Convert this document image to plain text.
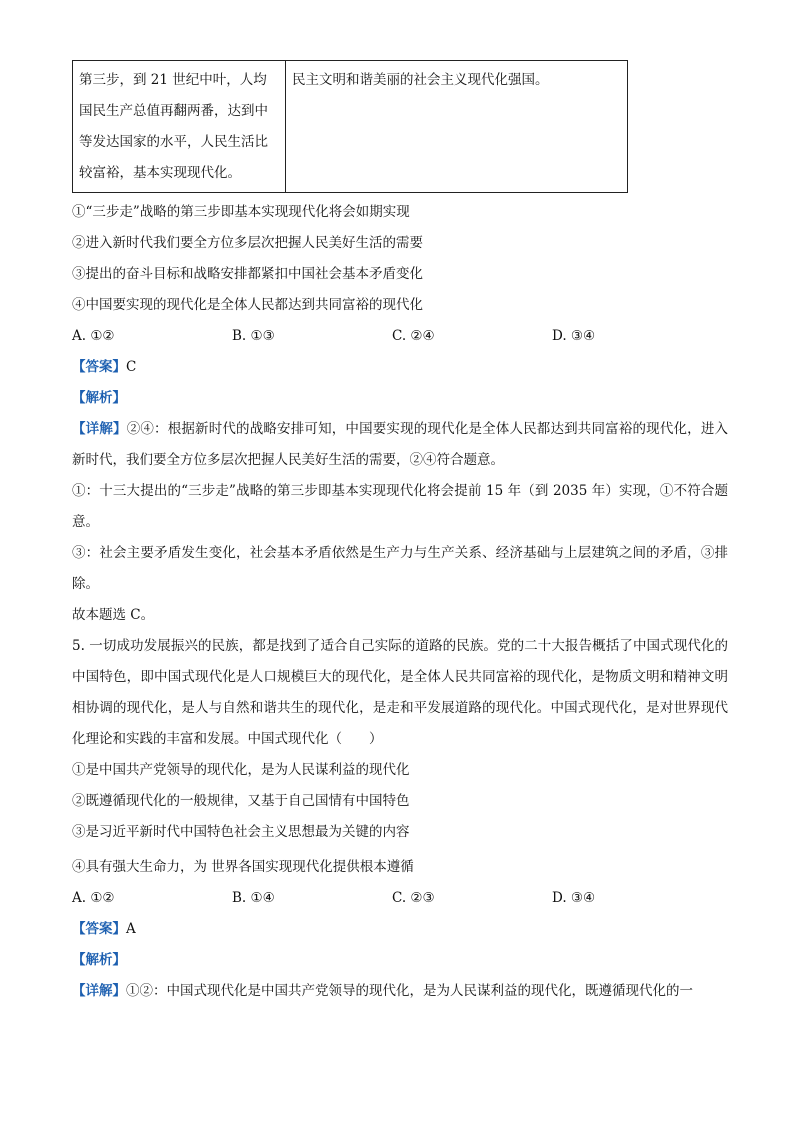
第三步，到 21 世纪中叶，人均国民生产总值再翻两番，达到中等发达国家的水平，人民生活比较富裕，基本实现现代化。	民主文明和谐美丽的社会主义现代化强国。
①“三步走”战略的第三步即基本实现现代化将会如期实现
②进入新时代我们要全方位多层次把握人民美好生活的需要
③提出的奋斗目标和战略安排都紧扣中国社会基本矛盾变化
④中国要实现的现代化是全体人民都达到共同富裕的现代化
A. ①②	B. ①③	C. ②④	D. ③④
【答案】C
【解析】
【详解】②④：根据新时代的战略安排可知，中国要实现的现代化是全体人民都达到共同富裕的现代化，进入新时代，我们要全方位多层次把握人民美好生活的需要，②④符合题意。
①：十三大提出的“三步走”战略的第三步即基本实现现代化将会提前 15 年（到 2035 年）实现，①不符合题意。
③：社会主要矛盾发生变化，社会基本矛盾依然是生产力与生产关系、经济基础与上层建筑之间的矛盾，③排除。
故本题选 C。
5. 一切成功发展振兴的民族，都是找到了适合自己实际的道路的民族。党的二十大报告概括了中国式现代化的中国特色，即中国式现代化是人口规模巨大的现代化，是全体人民共同富裕的现代化，是物质文明和精神文明相协调的现代化，是人与自然和谐共生的现代化，是走和平发展道路的现代化。中国式现代化，是对世界现代化理论和实践的丰富和发展。中国式现代化（　　）
①是中国共产党领导的现代化，是为人民谋利益的现代化
②既遵循现代化的一般规律，又基于自己国情有中国特色
③是习近平新时代中国特色社会主义思想最为关键的内容
④具有强大生命力，为 世界各国实现现代化提供根本遵循
A. ①②	B. ①④	C. ②③	D. ③④
【答案】A
【解析】
【详解】①②：中国式现代化是中国共产党领导的现代化，是为人民谋利益的现代化，既遵循现代化的一
